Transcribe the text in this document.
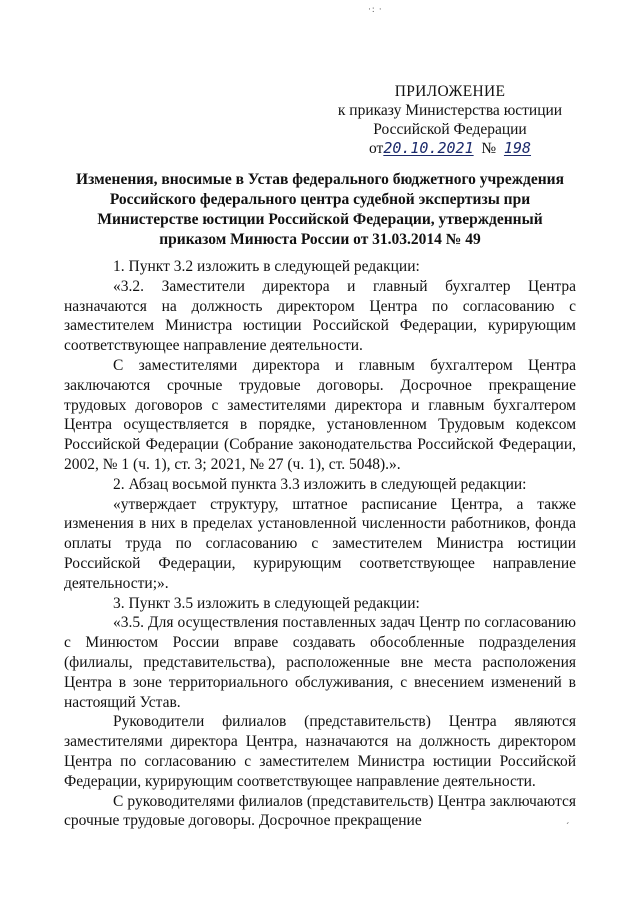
·: ·
ПРИЛОЖЕНИЕ
к приказу Министерства юстиции
Российской Федерации
от20.10.2021 № 198
Изменения, вносимые в Устав федерального бюджетного учреждения Российского федерального центра судебной экспертизы при Министерстве юстиции Российской Федерации, утвержденный приказом Минюста России от 31.03.2014 № 49

1. Пункт 3.2 изложить в следующей редакции:

«3.2. Заместители директора и главный бухгалтер Центра назначаются на должность директором Центра по согласованию с заместителем Министра юстиции Российской Федерации, курирующим соответствующее направление деятельности.

С заместителями директора и главным бухгалтером Центра заключаются срочные трудовые договоры. Досрочное прекращение трудовых договоров с заместителями директора и главным бухгалтером Центра осуществляется в порядке, установленном Трудовым кодексом Российской Федерации (Собрание законодательства Российской Федерации, 2002, № 1 (ч. 1), ст. 3; 2021, № 27 (ч. 1), ст. 5048).».

2. Абзац восьмой пункта 3.3 изложить в следующей редакции:

«утверждает структуру, штатное расписание Центра, а также изменения в них в пределах установленной численности работников, фонда оплаты труда по согласованию с заместителем Министра юстиции Российской Федерации, курирующим соответствующее направление деятельности;».

3. Пункт 3.5 изложить в следующей редакции:

«3.5. Для осуществления поставленных задач Центр по согласованию с Минюстом России вправе создавать обособленные подразделения (филиалы, представительства), расположенные вне места расположения Центра в зоне территориального обслуживания, с внесением изменений в настоящий Устав.

Руководители филиалов (представительств) Центра являются заместителями директора Центра, назначаются на должность директором Центра по согласованию с заместителем Министра юстиции Российской Федерации, курирующим соответствующее направление деятельности.

С руководителями филиалов (представительств) Центра заключаются срочные трудовые договоры. Досрочное прекращение	´
